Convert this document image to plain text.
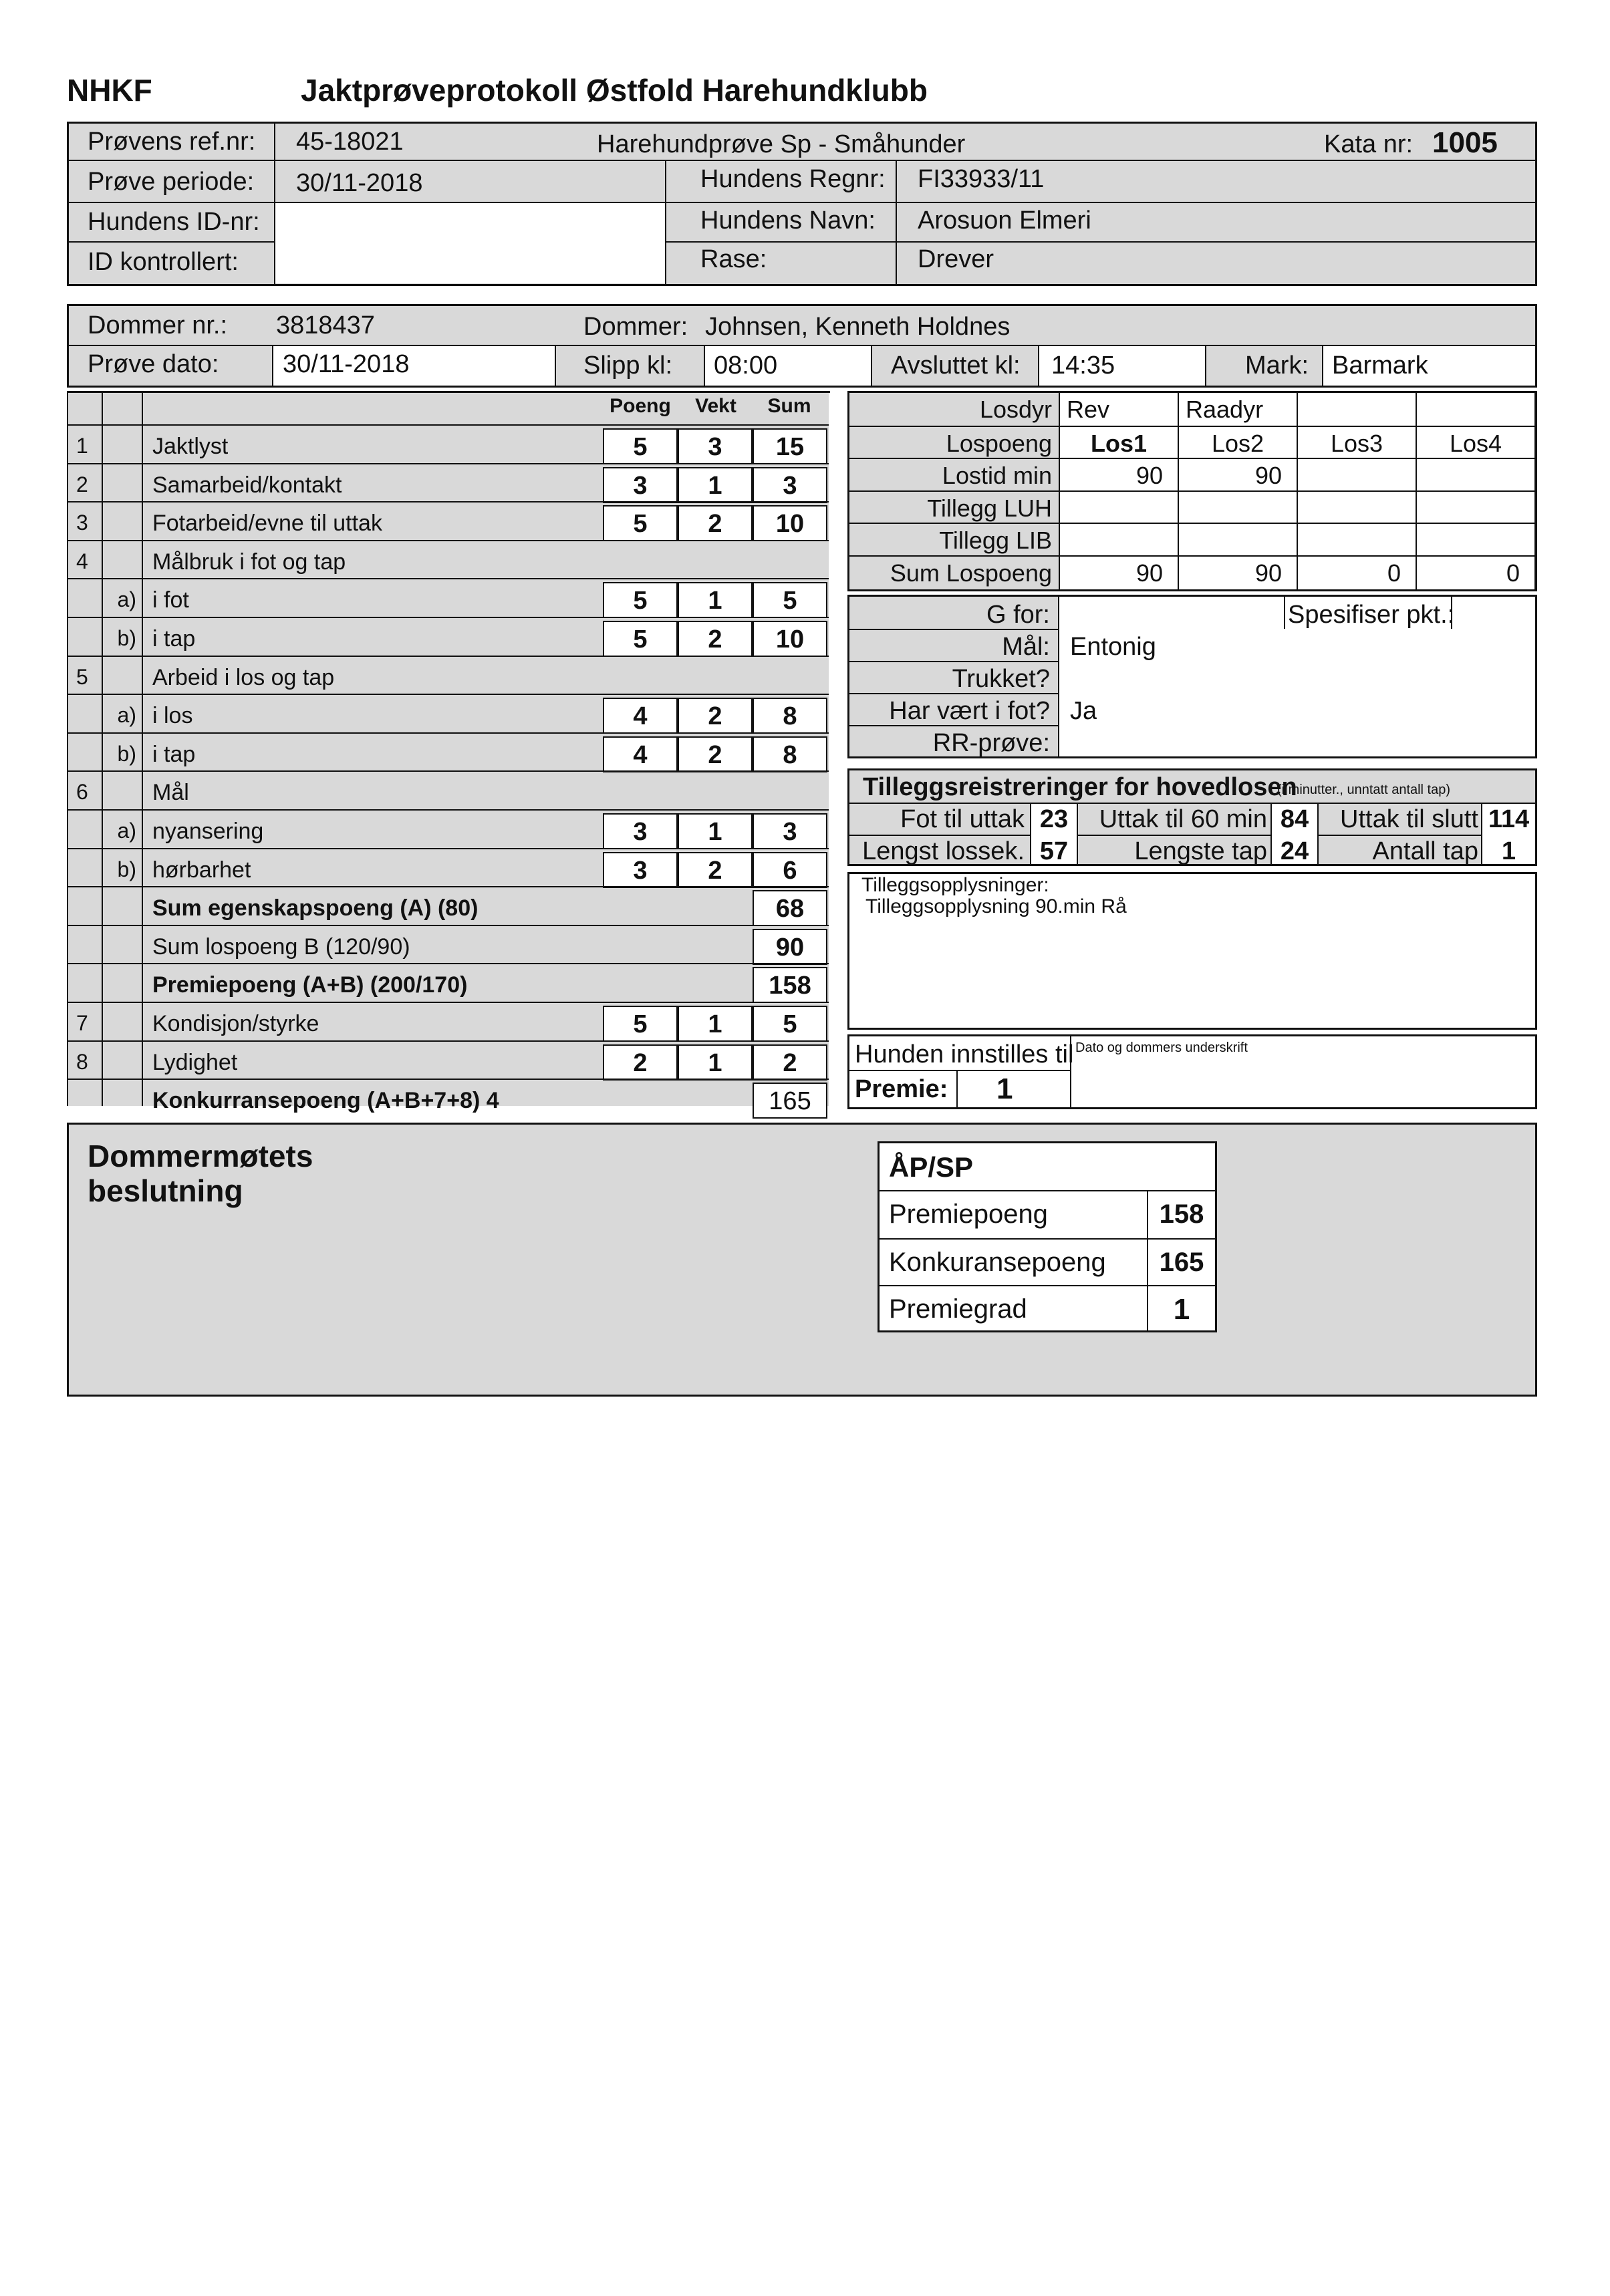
NHKF	Jaktprøveprotokoll Østfold Harehundklubb
Prøvens ref.nr: 45-18021	Harehundprøve Sp - Småhunder	Kata nr: 1005
Prøve periode: 30/11-2018	Hundens Regnr: FI33933/11
Hundens ID-nr:	Hundens Navn: Arosuon Elmeri
ID kontrollert:	Rase:	Drever
Dommer nr.: 3818437	Dommer: Johnsen, Kenneth Holdnes
Prøve dato:	30/11-2018	Slipp kl: 08:00	Avsluttet kl: 14:35	Mark: Barmark
Poeng	Vekt	Sum
1	Jaktlyst	5	3	15
2	Samarbeid/kontakt	3	1	3
3	Fotarbeid/evne til uttak	5	2	10
4	Målbruk i fot og tap
a) i fot	5	1	5
b) i tap	5	2	10
5	Arbeid i los og tap
a) i los	4	2	8
b) i tap	4	2	8
6	Mål
a) nyansering	3	1	3
b) hørbarhet	3	2	6
Sum egenskapspoeng (A) (80)	68
Sum lospoeng B (120/90)	90
Premiepoeng (A+B) (200/170)	158
7	Kondisjon/styrke	5	1	5
8	Lydighet	2	1	2
Konkurransepoeng (A+B+7+8) 4	165
Losdyr Rev	Raadyr
Lospoeng	Los1	Los2	Los3	Los4
Lostid min	90	90
Tillegg LUH
Tillegg LIB
Sum Lospoeng	90	90	0	0
G for:	Spesifiser pkt.:
Mål: Entonig
Trukket?
Har vært i fot? Ja
RR-prøve:
Tilleggsreistreringer for hovedlosen
(i minutter., unntatt antall tap)
Fot til uttak 23	Uttak til 60 min 84	Uttak til slutt 114
Lengst lossek. 57	Lengste tap 24	Antall tap 1
Tilleggsopplysninger:
Tilleggsopplysning 90.min Rå
Hunden innstilles til
Premie: 1
Dato og dommers underskrift
Dommermøtets
beslutning
ÅP/SP
Premiepoeng	158
Konkuransepoeng	165
Premiegrad	1
